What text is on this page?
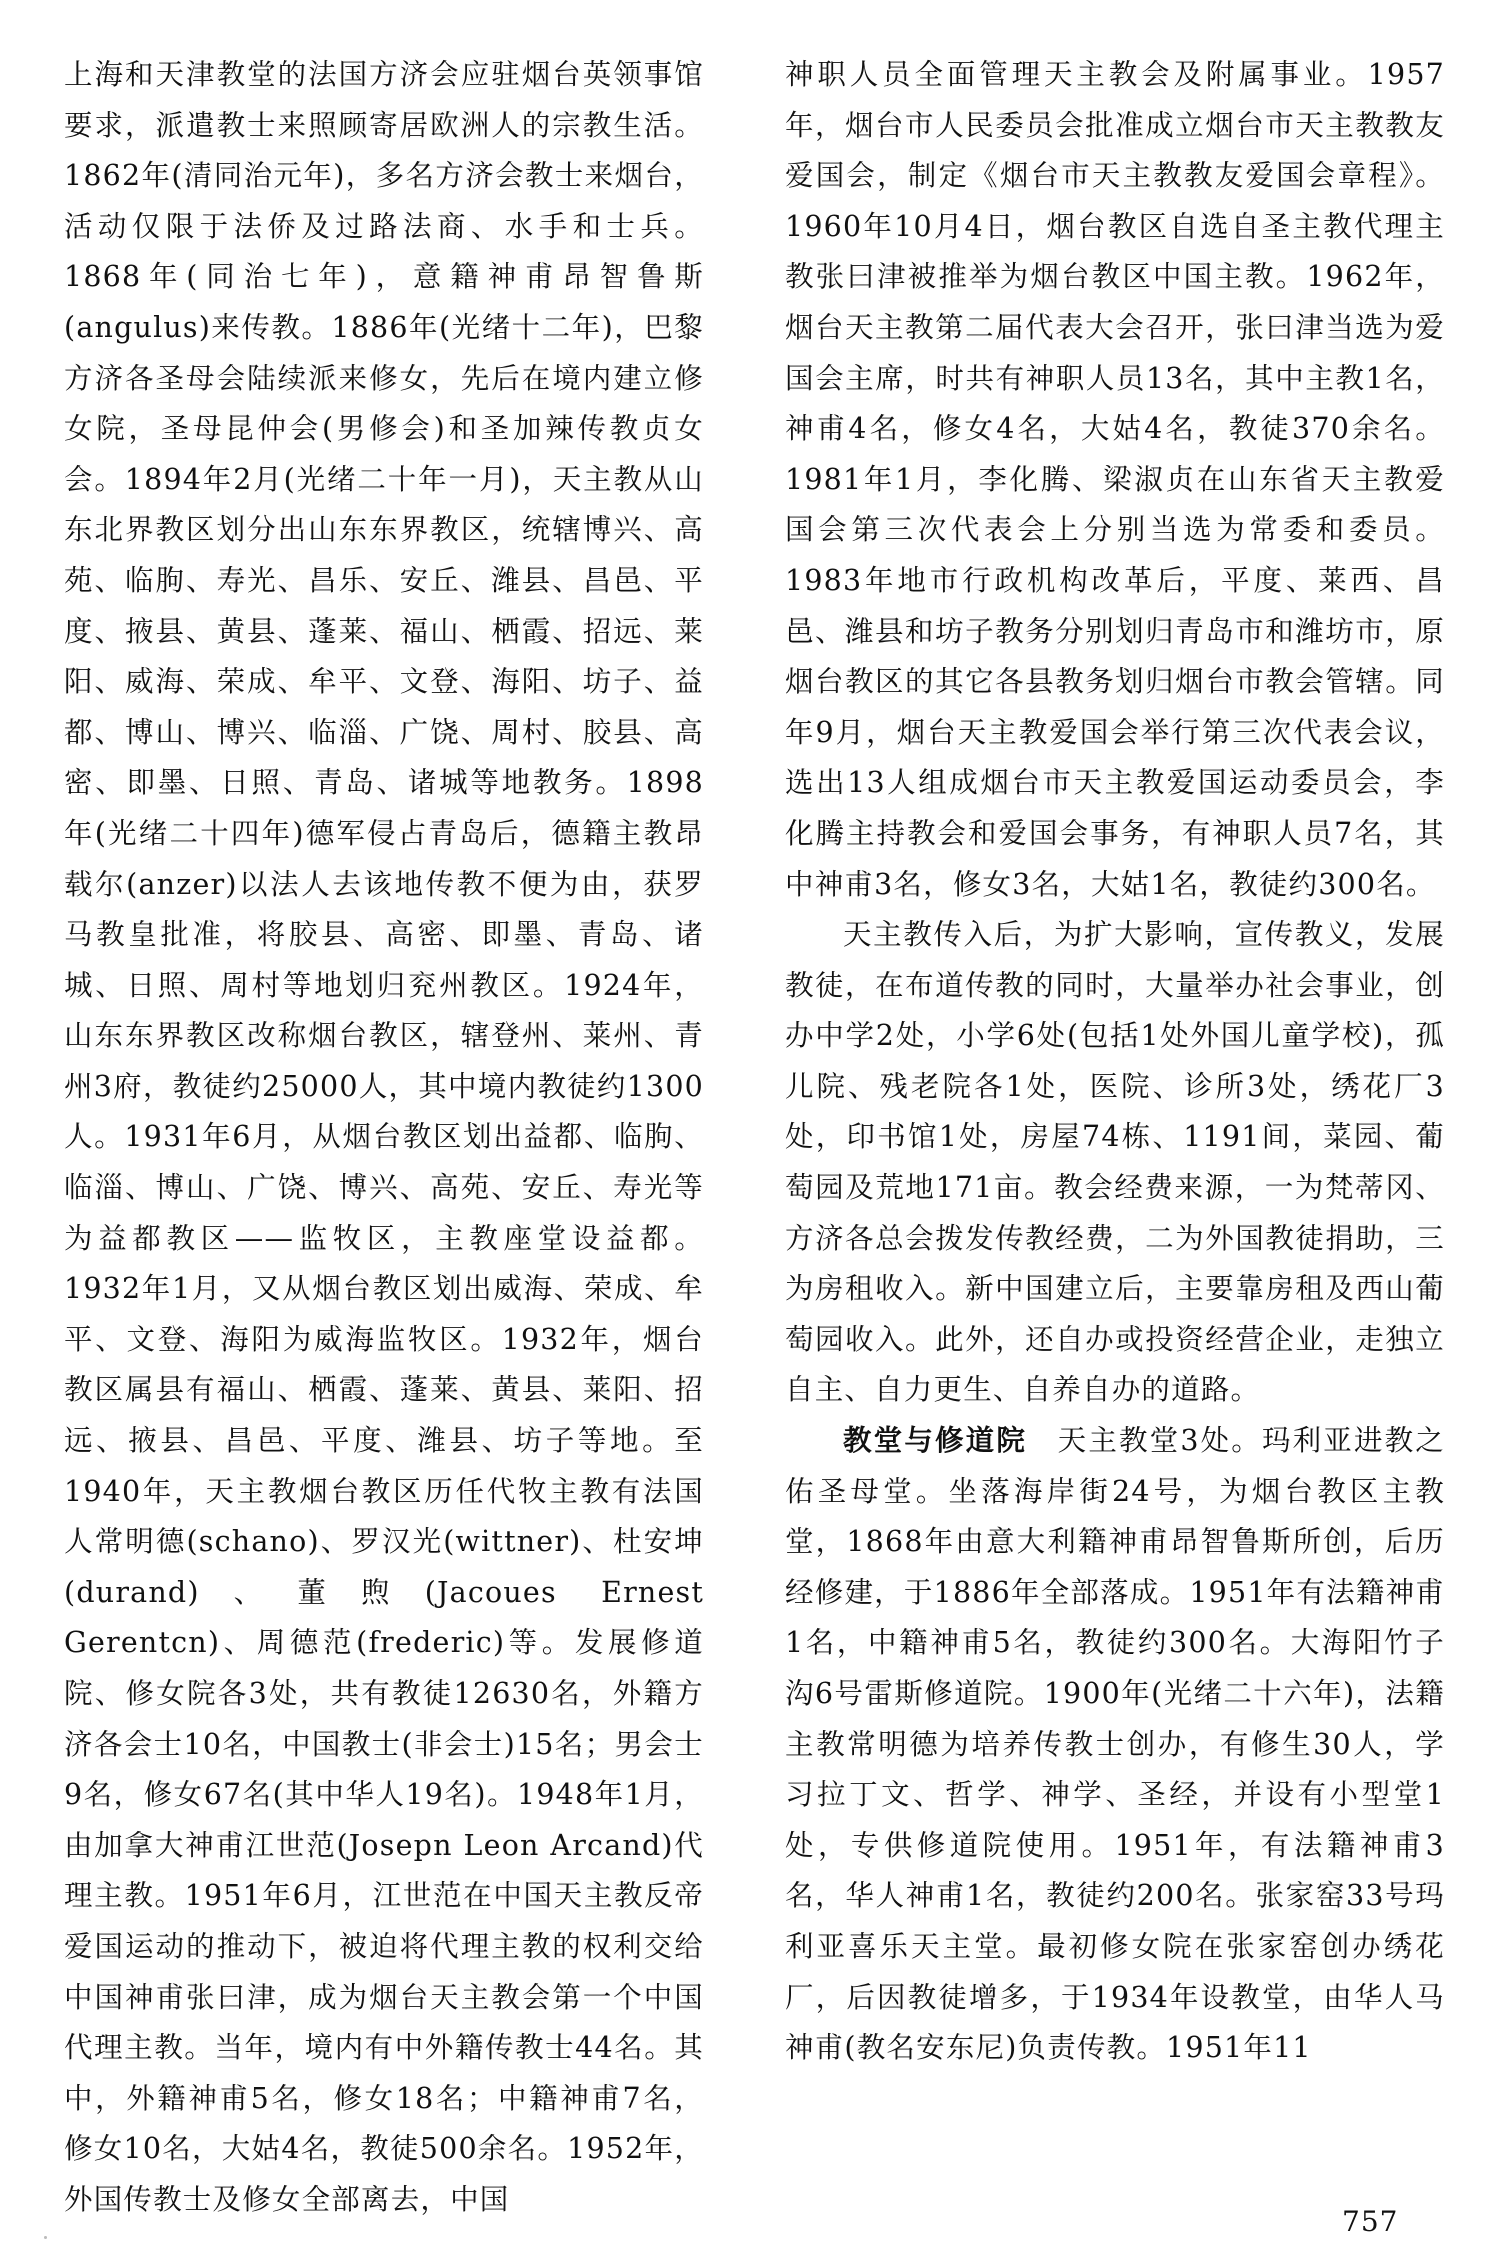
上海和天津教堂的法国方济会应驻烟台英领事馆要求，派遣教士来照顾寄居欧洲人的宗教生活。1862年(清同治元年)，多名方济会教士来烟台，活动仅限于法侨及过路法商、水手和士兵。1868年(同治七年)，意籍神甫昂智鲁斯(angulus)来传教。1886年(光绪十二年)，巴黎方济各圣母会陆续派来修女，先后在境内建立修女院，圣母昆仲会(男修会)和圣加辣传教贞女会。1894年2月(光绪二十年一月)，天主教从山东北界教区划分出山东东界教区，统辖博兴、高苑、临朐、寿光、昌乐、安丘、潍县、昌邑、平度、掖县、黄县、蓬莱、福山、栖霞、招远、莱阳、威海、荣成、牟平、文登、海阳、坊子、益都、博山、博兴、临淄、广饶、周村、胶县、高密、即墨、日照、青岛、诸城等地教务。1898年(光绪二十四年)德军侵占青岛后，德籍主教昂载尔(anzer)以法人去该地传教不便为由，获罗马教皇批准，将胶县、高密、即墨、青岛、诸城、日照、周村等地划归兖州教区。1924年，山东东界教区改称烟台教区，辖登州、莱州、青州3府，教徒约25000人，其中境内教徒约1300人。1931年6月，从烟台教区划出益都、临朐、临淄、博山、广饶、博兴、高苑、安丘、寿光等为益都教区——监牧区，主教座堂设益都。1932年1月，又从烟台教区划出威海、荣成、牟平、文登、海阳为威海监牧区。1932年，烟台教区属县有福山、栖霞、蓬莱、黄县、莱阳、招远、掖县、昌邑、平度、潍县、坊子等地。至1940年，天主教烟台教区历任代牧主教有法国人常明德(schano)、罗汉光(wittner)、杜安坤(durand)、董煦(Jacoues Ernest Gerentcn)、周德范(frederic)等。发展修道院、修女院各3处，共有教徒12630名，外籍方济各会士10名，中国教士(非会士)15名；男会士9名，修女67名(其中华人19名)。1948年1月，由加拿大神甫江世范(Josepn Leon Arcand)代理主教。1951年6月，江世范在中国天主教反帝爱国运动的推动下，被迫将代理主教的权利交给中国神甫张曰津，成为烟台天主教会第一个中国代理主教。当年，境内有中外籍传教士44名。其中，外籍神甫5名，修女18名；中籍神甫7名，修女10名，大姑4名，教徒500余名。1952年，外国传教士及修女全部离去，中国

神职人员全面管理天主教会及附属事业。1957年，烟台市人民委员会批准成立烟台市天主教教友爱国会，制定《烟台市天主教教友爱国会章程》。1960年10月4日，烟台教区自选自圣主教代理主教张曰津被推举为烟台教区中国主教。1962年，烟台天主教第二届代表大会召开，张曰津当选为爱国会主席，时共有神职人员13名，其中主教1名，神甫4名，修女4名，大姑4名，教徒370余名。1981年1月，李化腾、梁淑贞在山东省天主教爱国会第三次代表会上分别当选为常委和委员。1983年地市行政机构改革后，平度、莱西、昌邑、潍县和坊子教务分别划归青岛市和潍坊市，原烟台教区的其它各县教务划归烟台市教会管辖。同年9月，烟台天主教爱国会举行第三次代表会议，选出13人组成烟台市天主教爱国运动委员会，李化腾主持教会和爱国会事务，有神职人员7名，其中神甫3名，修女3名，大姑1名，教徒约300名。

天主教传入后，为扩大影响，宣传教义，发展教徒，在布道传教的同时，大量举办社会事业，创办中学2处，小学6处(包括1处外国儿童学校)，孤儿院、残老院各1处，医院、诊所3处，绣花厂3处，印书馆1处，房屋74栋、1191间，菜园、葡萄园及荒地171亩。教会经费来源，一为梵蒂冈、方济各总会拨发传教经费，二为外国教徒捐助，三为房租收入。新中国建立后，主要靠房租及西山葡萄园收入。此外，还自办或投资经营企业，走独立自主、自力更生、自养自办的道路。

教堂与修道院　 天主教堂3处。玛利亚进教之佑圣母堂。坐落海岸街24号，为烟台教区主教堂，1868年由意大利籍神甫昂智鲁斯所创，后历经修建，于1886年全部落成。1951年有法籍神甫1名，中籍神甫5名，教徒约300名。大海阳竹子沟6号雷斯修道院。1900年(光绪二十六年)，法籍主教常明德为培养传教士创办，有修生30人，学习拉丁文、哲学、神学、圣经，并设有小型堂1处，专供修道院使用。1951年，有法籍神甫3名，华人神甫1名，教徒约200名。张家窑33号玛利亚喜乐天主堂。最初修女院在张家窑创办绣花厂，后因教徒增多，于1934年设教堂，由华人马神甫(教名安东尼)负责传教。1951年11

757
